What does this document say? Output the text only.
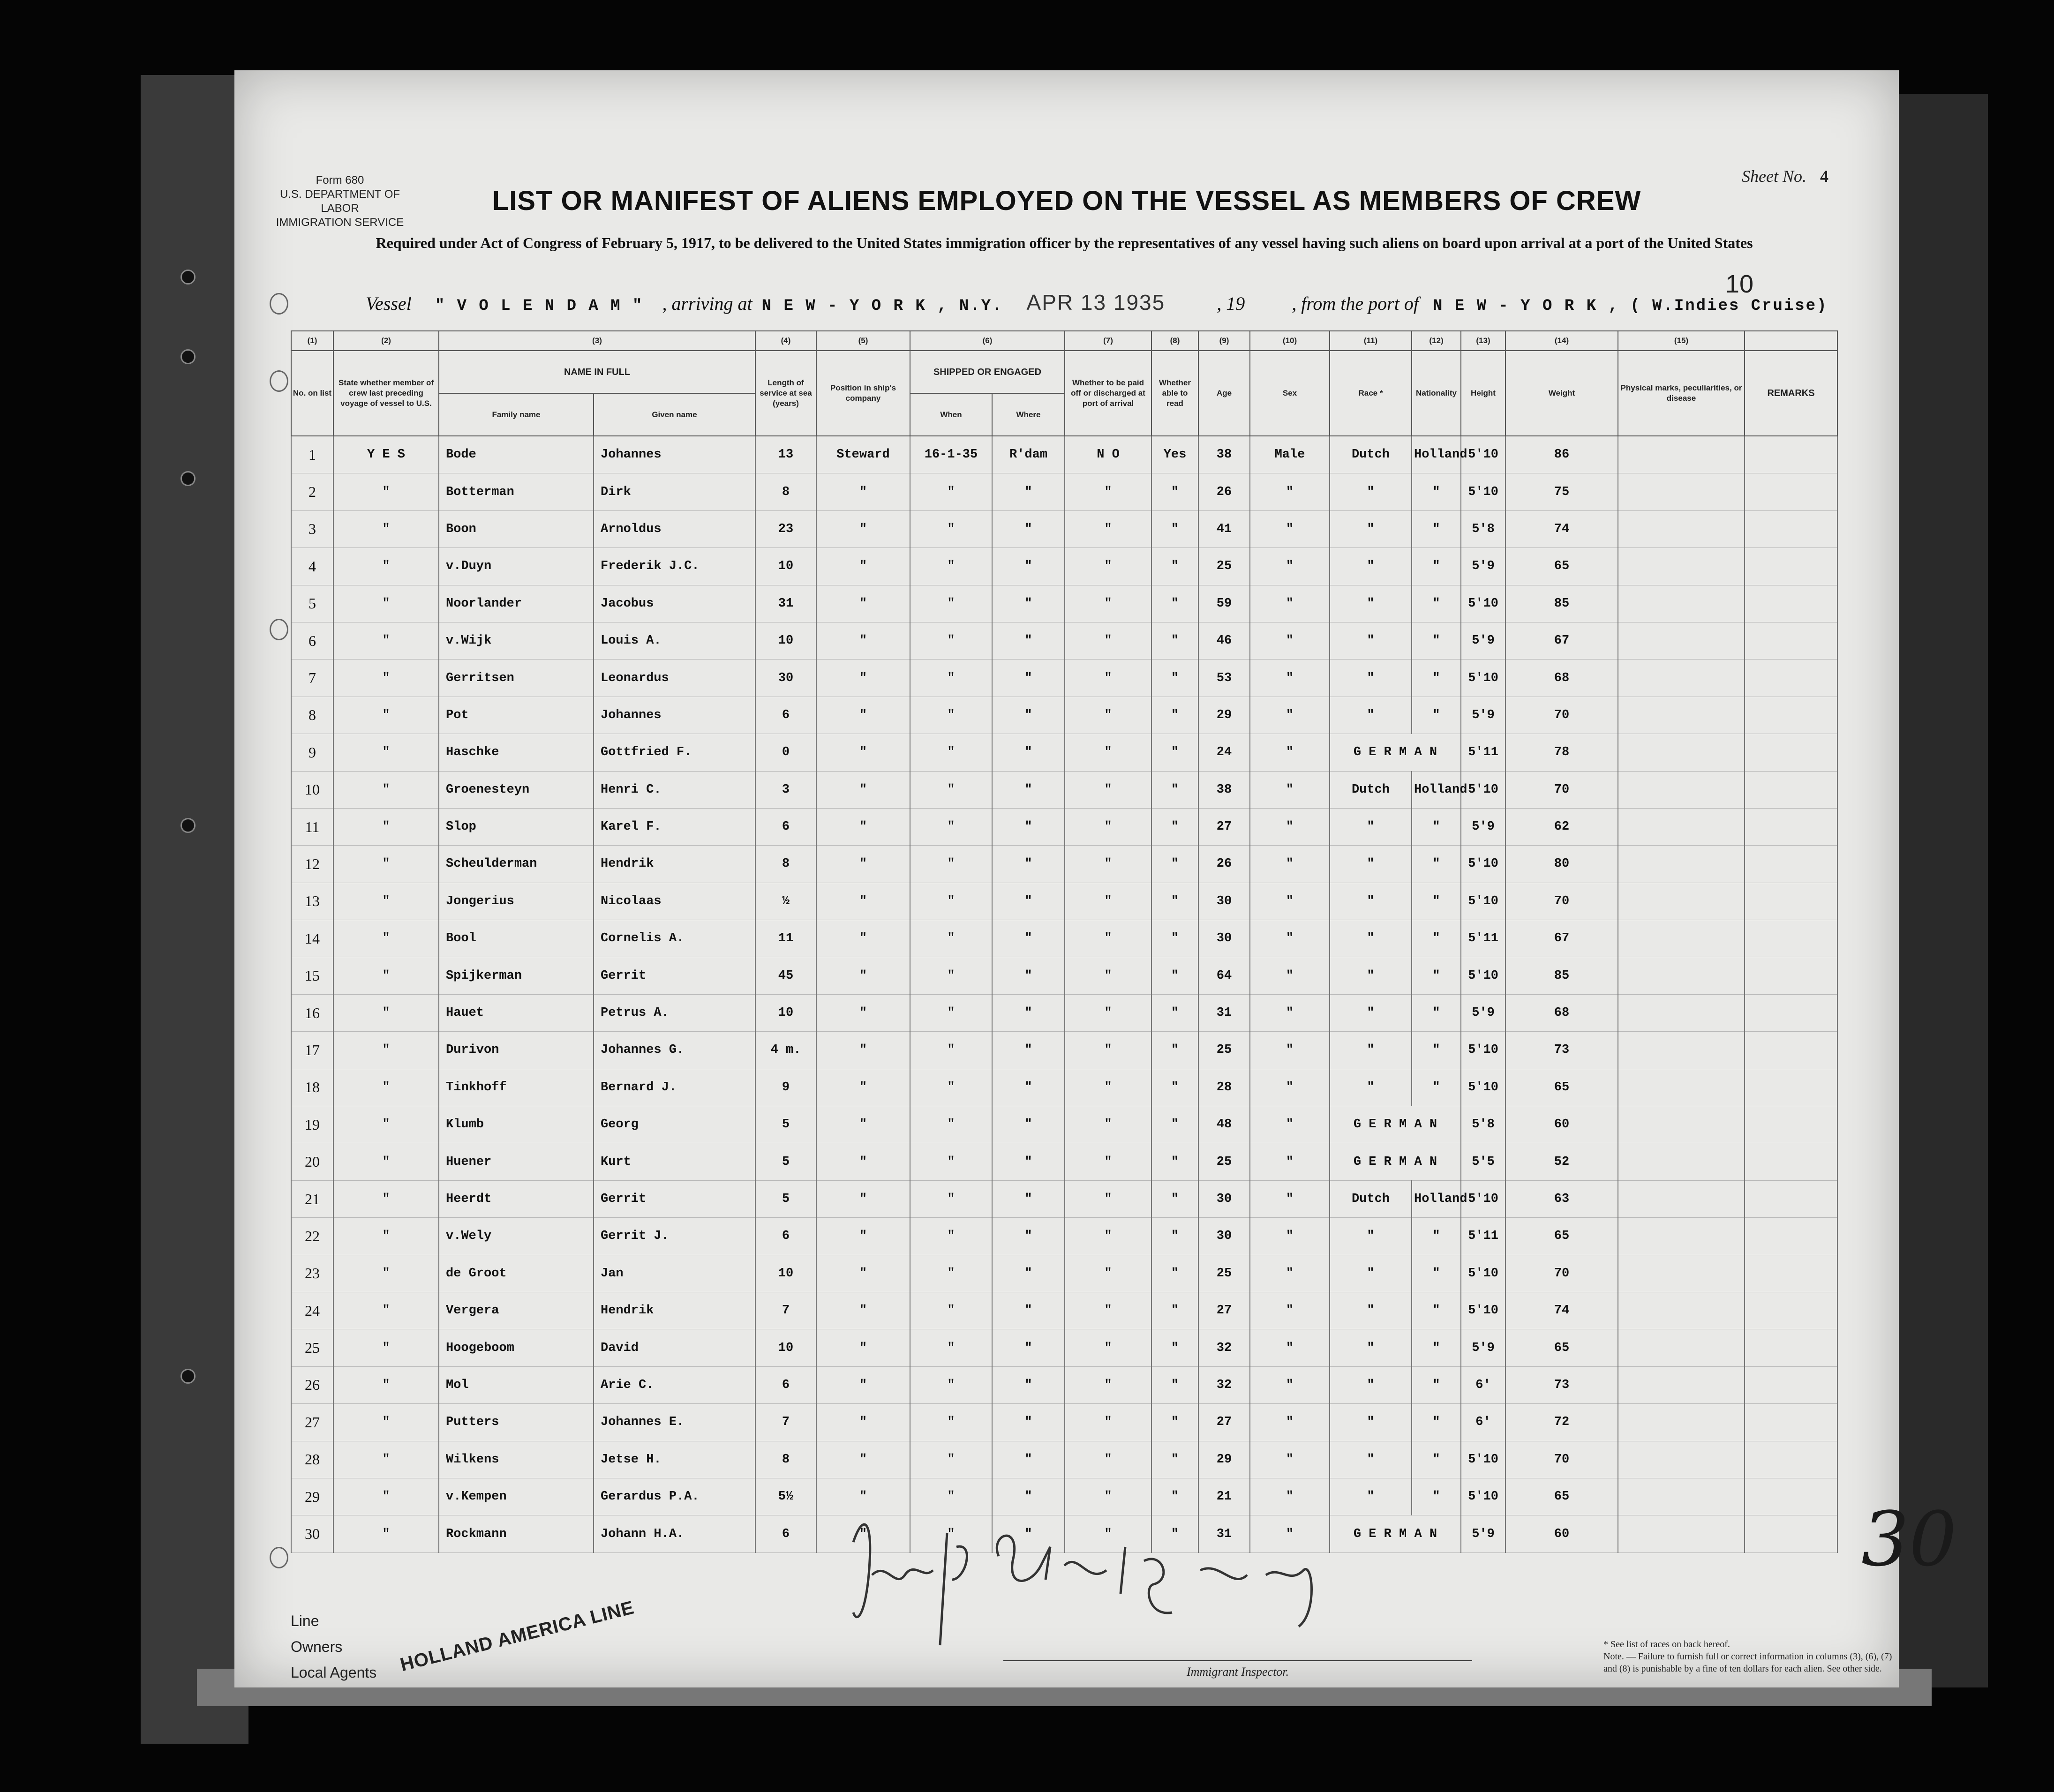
Form 680
U.S. DEPARTMENT OF LABOR
IMMIGRATION SERVICE
Sheet No. 4
LIST OR MANIFEST OF ALIENS EMPLOYED ON THE VESSEL AS MEMBERS OF CREW
Required under Act of Congress of February 5, 1917, to be delivered to the United States immigration officer by the representatives of any vessel having such aliens on board upon arrival at a port of the United States
10
Vessel " V O L E N D A M " , arriving at N E W - Y O R K , N.Y. APR 13 1935	, 19	, from the port of N E W - Y O R K , ( W.Indies Cruise)
(1)	(2)	(3)		(4)	(5)	(6)		(7)	(8)	(9)	(10)	(11)	(12)	(13)	(14)	(15)	
No. on list	State whether member of crew last preceding voyage of vessel to U.S.	NAME IN FULL		Length of service at sea (years)	Position in ship's company	SHIPPED OR ENGAGED		Whether to be paid off or discharged at port of arrival	Whether able to read	Age	Sex	Race *	Nationality	Height	Weight	Physical marks, peculiarities, or disease	REMARKS
		Family name	Given name			When	Where										
1	Y E S	Bode	Johannes	13	Steward	16-1-35	R'dam	N O	Yes	38	Male	Dutch	Holland	5'10	86		
2	"	Botterman	Dirk	8	"	"	"	"	"	26	"	"	"	5'10	75		
3	"	Boon	Arnoldus	23	"	"	"	"	"	41	"	"	"	5'8	74		
4	"	v.Duyn	Frederik J.C.	10	"	"	"	"	"	25	"	"	"	5'9	65		
5	"	Noorlander	Jacobus	31	"	"	"	"	"	59	"	"	"	5'10	85		
6	"	v.Wijk	Louis A.	10	"	"	"	"	"	46	"	"	"	5'9	67		
7	"	Gerritsen	Leonardus	30	"	"	"	"	"	53	"	"	"	5'10	68		
8	"	Pot	Johannes	6	"	"	"	"	"	29	"	"	"	5'9	70		
9	"	Haschke	Gottfried F.	0	"	"	"	"	"	24	"	G E R M A N		5'11	78		
10	"	Groenesteyn	Henri C.	3	"	"	"	"	"	38	"	Dutch	Holland	5'10	70		
11	"	Slop	Karel F.	6	"	"	"	"	"	27	"	"	"	5'9	62		
12	"	Scheulderman	Hendrik	8	"	"	"	"	"	26	"	"	"	5'10	80		
13	"	Jongerius	Nicolaas	½	"	"	"	"	"	30	"	"	"	5'10	70		
14	"	Bool	Cornelis A.	11	"	"	"	"	"	30	"	"	"	5'11	67		
15	"	Spijkerman	Gerrit	45	"	"	"	"	"	64	"	"	"	5'10	85		
16	"	Hauet	Petrus A.	10	"	"	"	"	"	31	"	"	"	5'9	68		
17	"	Durivon	Johannes G.	4 m.	"	"	"	"	"	25	"	"	"	5'10	73		
18	"	Tinkhoff	Bernard J.	9	"	"	"	"	"	28	"	"	"	5'10	65		
19	"	Klumb	Georg	5	"	"	"	"	"	48	"	G E R M A N		5'8	60		
20	"	Huener	Kurt	5	"	"	"	"	"	25	"	G E R M A N		5'5	52		
21	"	Heerdt	Gerrit	5	"	"	"	"	"	30	"	Dutch	Holland	5'10	63		
22	"	v.Wely	Gerrit J.	6	"	"	"	"	"	30	"	"	"	5'11	65		
23	"	de Groot	Jan	10	"	"	"	"	"	25	"	"	"	5'10	70		
24	"	Vergera	Hendrik	7	"	"	"	"	"	27	"	"	"	5'10	74		
25	"	Hoogeboom	David	10	"	"	"	"	"	32	"	"	"	5'9	65		
26	"	Mol	Arie C.	6	"	"	"	"	"	32	"	"	"	6'	73		
27	"	Putters	Johannes E.	7	"	"	"	"	"	27	"	"	"	6'	72		
28	"	Wilkens	Jetse H.	8	"	"	"	"	"	29	"	"	"	5'10	70		
29	"	v.Kempen	Gerardus P.A.	5½	"	"	"	"	"	21	"	"	"	5'10	65		
30	"	Rockmann	Johann H.A.	6	"	"	"	"	"	31	"	G E R M A N		5'9	60		
Line
Owners
Local Agents HOLLAND AMERICA LINE	Immigrant Inspector.
* See list of races on back hereof.
Note. — Failure to furnish full or correct information in columns (3), (6), (7) and (8) is punishable by a fine of ten dollars for each alien. See other side.
30
